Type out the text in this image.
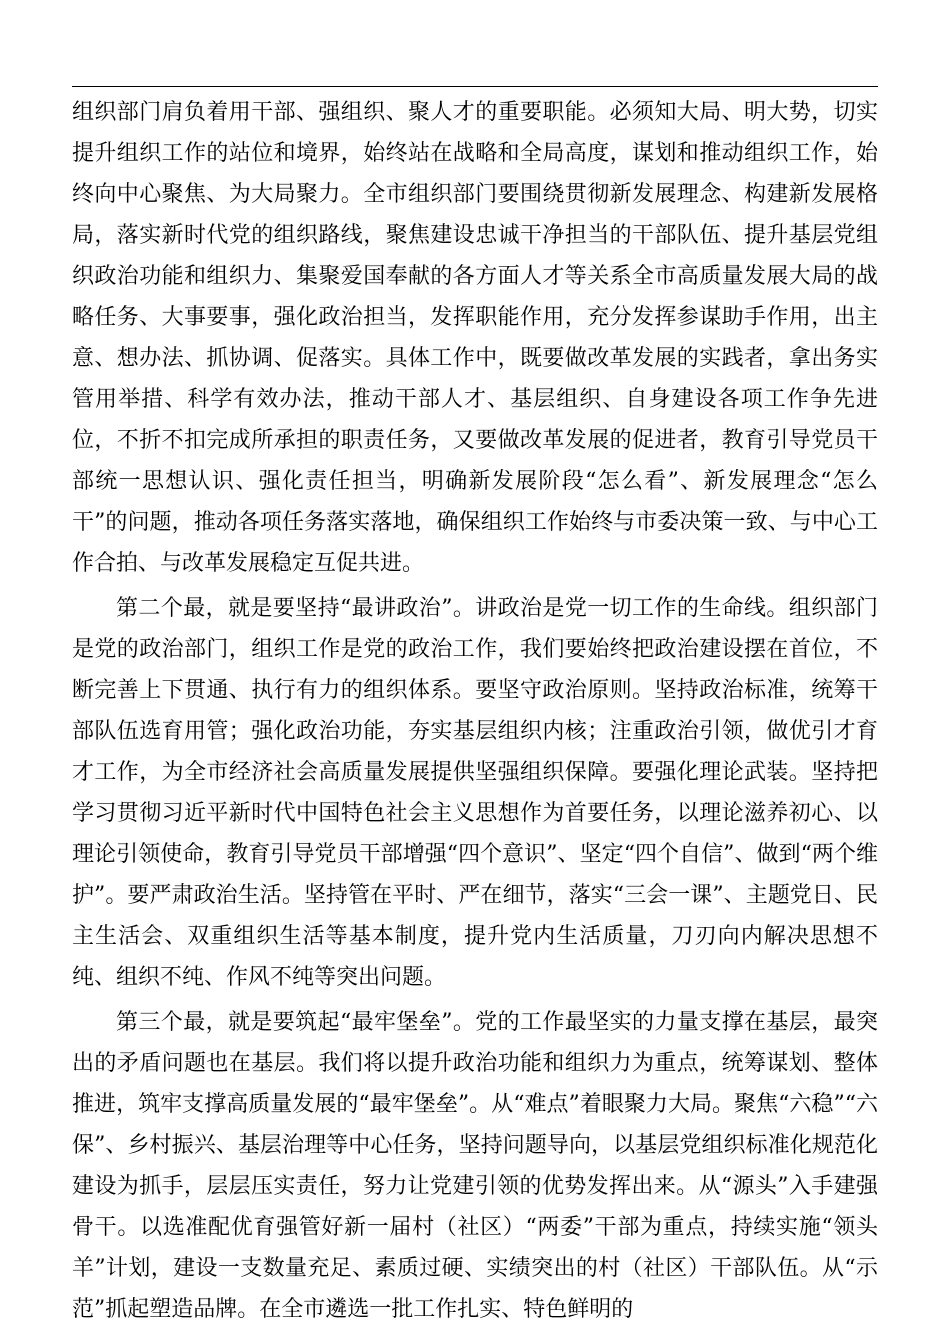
组织部门肩负着用干部、强组织、聚人才的重要职能。必须知大局、明大势，切实提升组织工作的站位和境界，始终站在战略和全局高度，谋划和推动组织工作，始终向中心聚焦、为大局聚力。全市组织部门要围绕贯彻新发展理念、构建新发展格局，落实新时代党的组织路线，聚焦建设忠诚干净担当的干部队伍、提升基层党组织政治功能和组织力、集聚爱国奉献的各方面人才等关系全市高质量发展大局的战略任务、大事要事，强化政治担当，发挥职能作用，充分发挥参谋助手作用，出主意、想办法、抓协调、促落实。具体工作中，既要做改革发展的实践者，拿出务实管用举措、科学有效办法，推动干部人才、基层组织、自身建设各项工作争先进位，不折不扣完成所承担的职责任务，又要做改革发展的促进者，教育引导党员干部统一思想认识、强化责任担当，明确新发展阶段“怎么看”、新发展理念“怎么干”的问题，推动各项任务落实落地，确保组织工作始终与市委决策一致、与中心工作合拍、与改革发展稳定互促共进。

第二个最，就是要坚持“最讲政治”。讲政治是党一切工作的生命线。组织部门是党的政治部门，组织工作是党的政治工作，我们要始终把政治建设摆在首位，不断完善上下贯通、执行有力的组织体系。要坚守政治原则。坚持政治标准，统筹干部队伍选育用管；强化政治功能，夯实基层组织内核；注重政治引领，做优引才育才工作，为全市经济社会高质量发展提供坚强组织保障。要强化理论武装。坚持把学习贯彻习近平新时代中国特色社会主义思想作为首要任务，以理论滋养初心、以理论引领使命，教育引导党员干部增强“四个意识”、坚定“四个自信”、做到“两个维护”。要严肃政治生活。坚持管在平时、严在细节，落实“三会一课”、主题党日、民主生活会、双重组织生活等基本制度，提升党内生活质量，刀刃向内解决思想不纯、组织不纯、作风不纯等突出问题。

第三个最，就是要筑起“最牢堡垒”。党的工作最坚实的力量支撑在基层，最突出的矛盾问题也在基层。我们将以提升政治功能和组织力为重点，统筹谋划、整体推进，筑牢支撑高质量发展的“最牢堡垒”。从“难点”着眼聚力大局。聚焦“六稳”“六保”、乡村振兴、基层治理等中心任务，坚持问题导向，以基层党组织标准化规范化建设为抓手，层层压实责任，努力让党建引领的优势发挥出来。从“源头”入手建强骨干。以选准配优育强管好新一届村（社区）“两委”干部为重点，持续实施“领头羊”计划，建设一支数量充足、素质过硬、实绩突出的村（社区）干部队伍。从“示范”抓起塑造品牌。在全市遴选一批工作扎实、特色鲜明的
